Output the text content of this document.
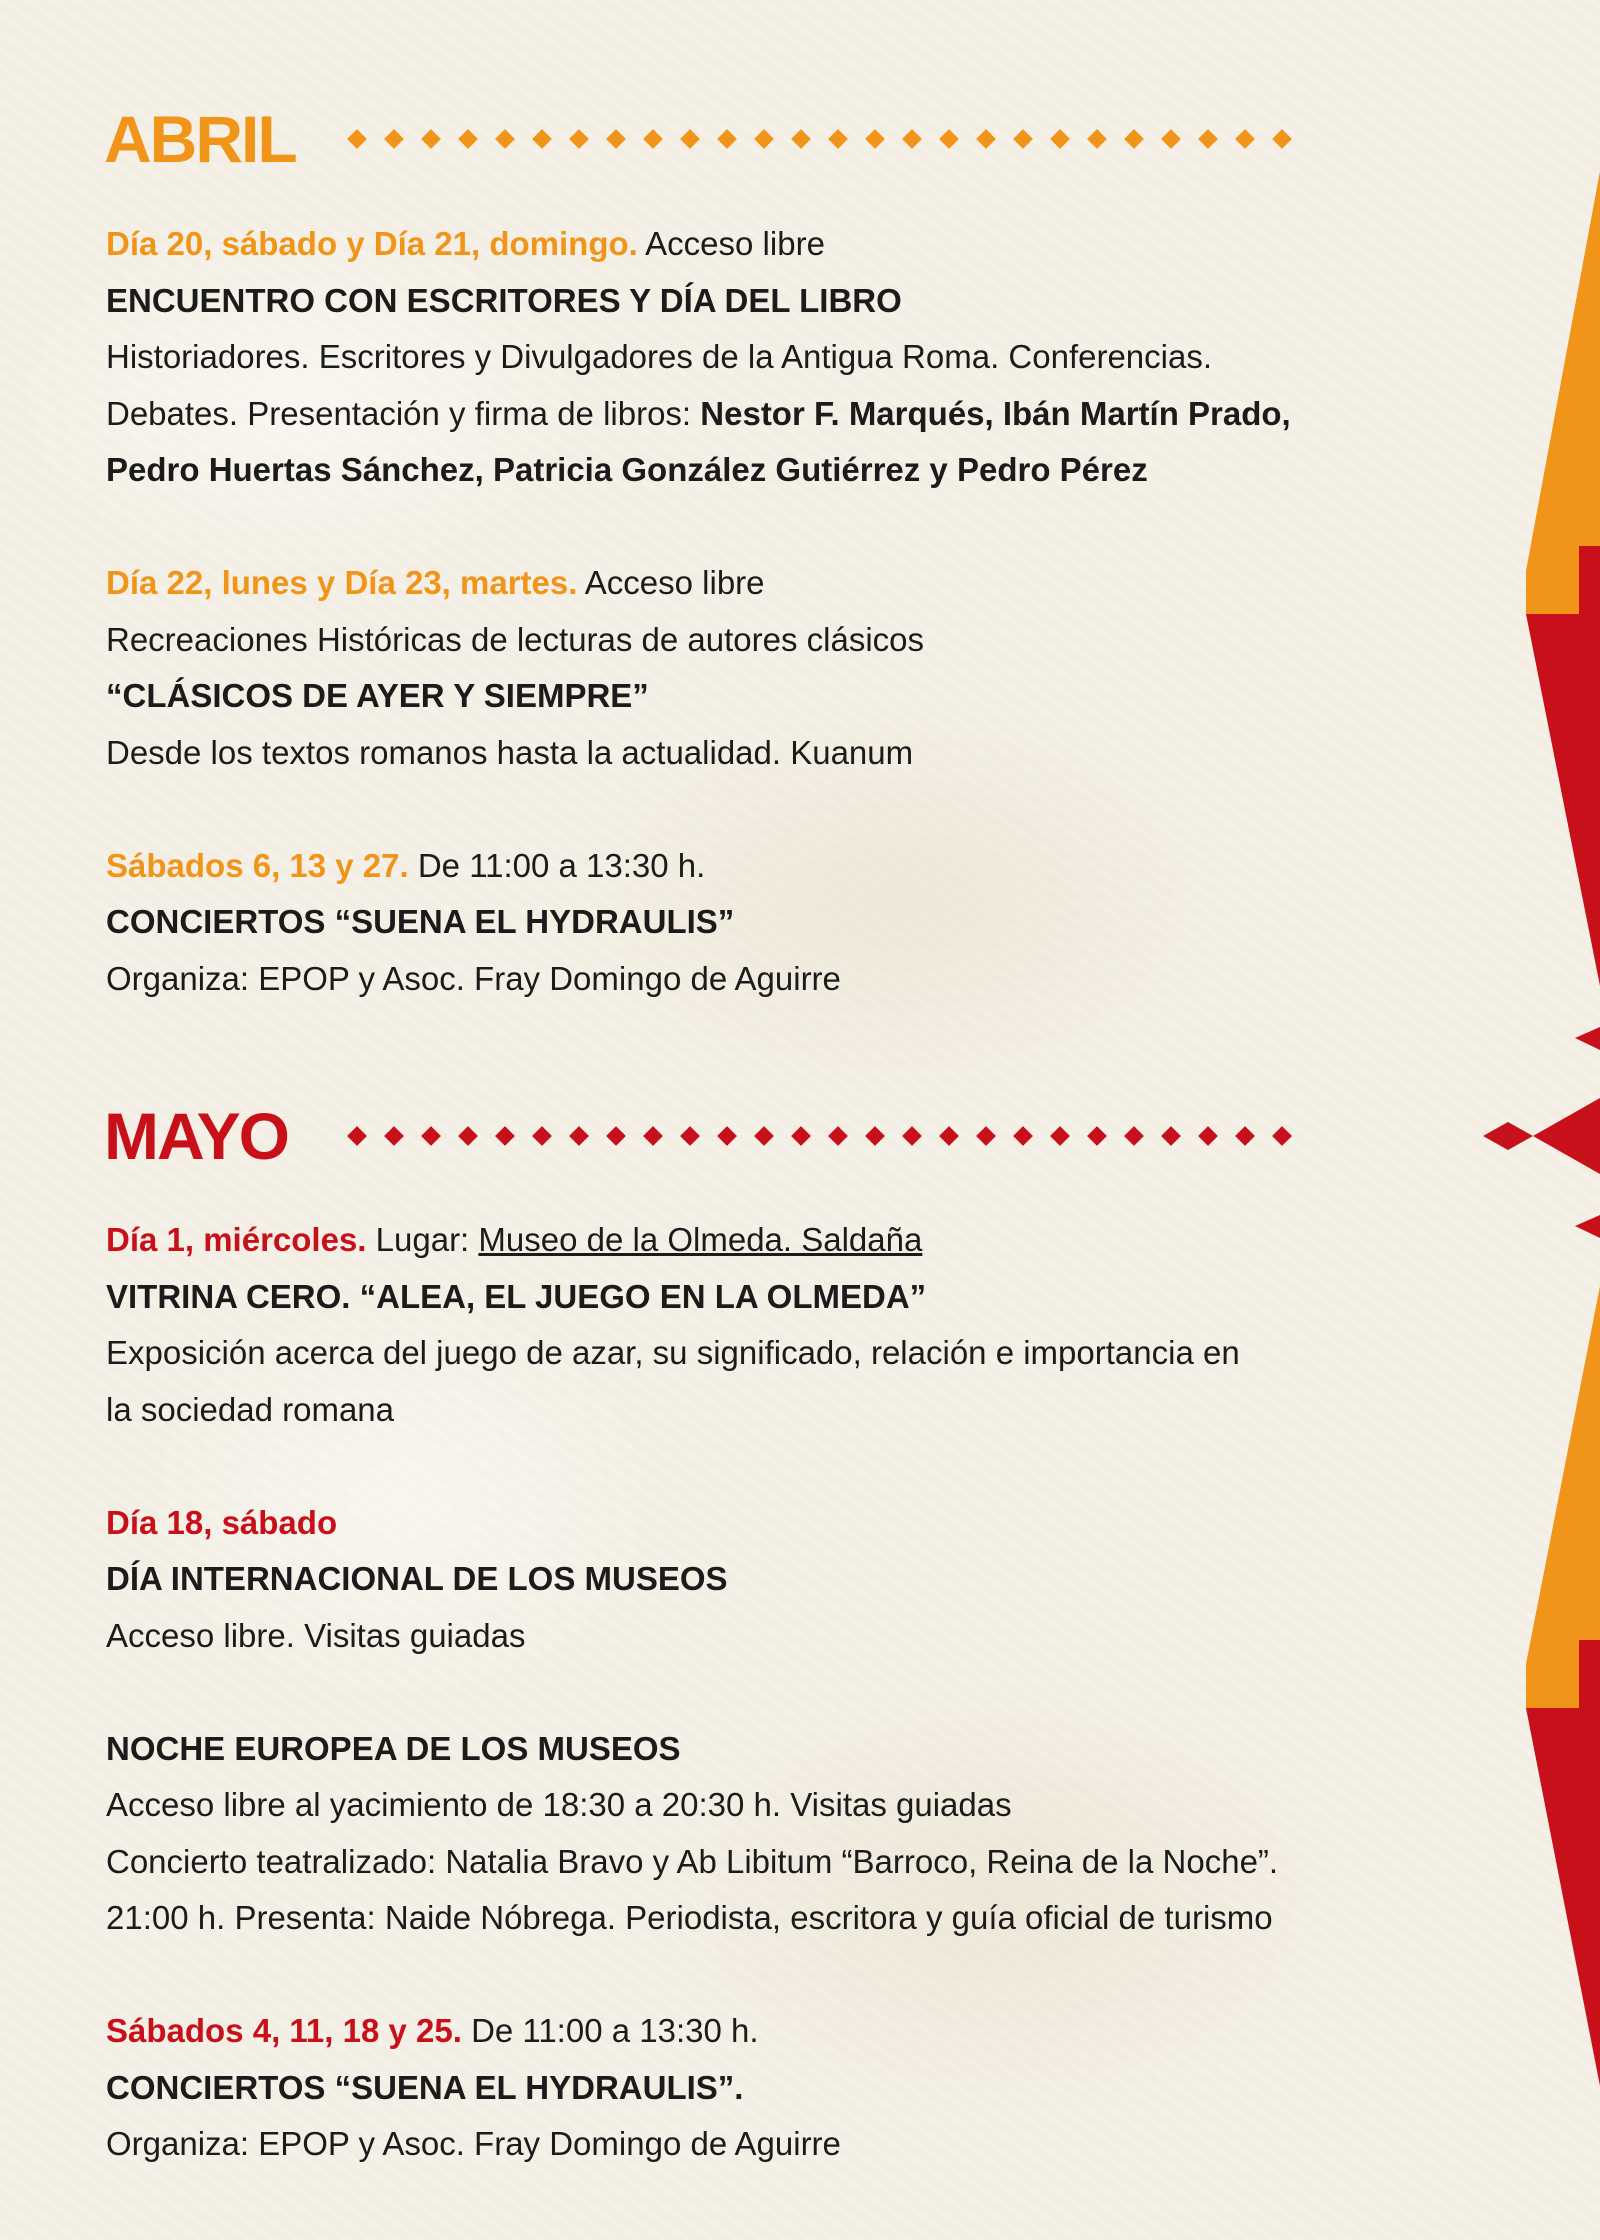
ABRIL
Día 20, sábado y Día 21, domingo. Acceso libre
ENCUENTRO CON ESCRITORES Y DÍA DEL LIBRO
Historiadores. Escritores y Divulgadores de la Antigua Roma. Conferencias.
Debates. Presentación y firma de libros: Nestor F. Marqués, Ibán Martín Prado,
Pedro Huertas Sánchez, Patricia González Gutiérrez y Pedro Pérez
Día 22, lunes y Día 23, martes. Acceso libre
Recreaciones Históricas de lecturas de autores clásicos
“CLÁSICOS DE AYER Y SIEMPRE”
Desde los textos romanos hasta la actualidad. Kuanum
Sábados 6, 13 y 27. De 11:00 a 13:30 h.
CONCIERTOS “SUENA EL HYDRAULIS”
Organiza: EPOP y Asoc. Fray Domingo de Aguirre
MAYO
Día 1, miércoles. Lugar: Museo de la Olmeda. Saldaña
VITRINA CERO. “ALEA, EL JUEGO EN LA OLMEDA”
Exposición acerca del juego de azar, su significado, relación e importancia en
la sociedad romana
Día 18, sábado
DÍA INTERNACIONAL DE LOS MUSEOS
Acceso libre. Visitas guiadas
NOCHE EUROPEA DE LOS MUSEOS
Acceso libre al yacimiento de 18:30 a 20:30 h. Visitas guiadas
Concierto teatralizado: Natalia Bravo y Ab Libitum “Barroco, Reina de la Noche”.
21:00 h. Presenta: Naide Nóbrega. Periodista, escritora y guía oficial de turismo
Sábados 4, 11, 18 y 25. De 11:00 a 13:30 h.
CONCIERTOS “SUENA EL HYDRAULIS”.
Organiza: EPOP y Asoc. Fray Domingo de Aguirre
